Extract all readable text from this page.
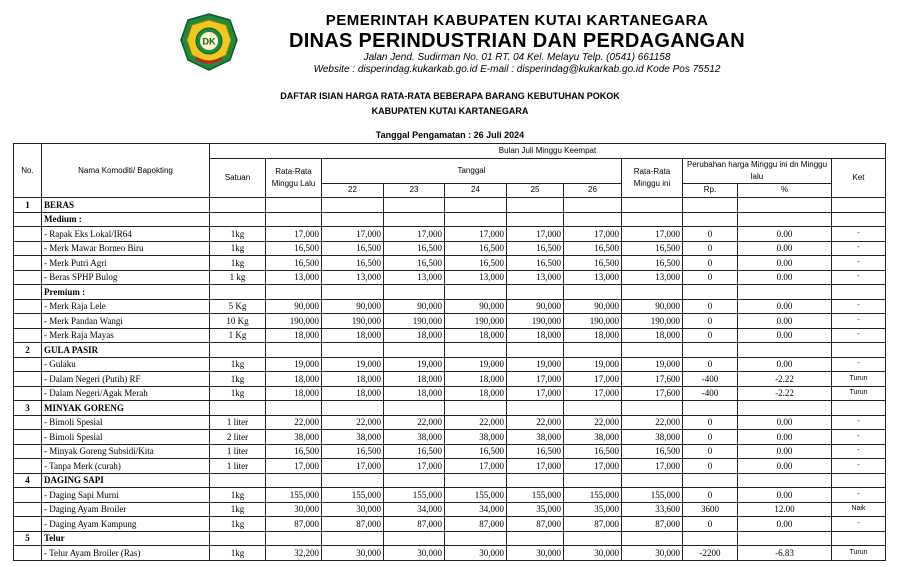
DK
PEMERINTAH KABUPATEN KUTAI KARTANEGARA
DINAS PERINDUSTRIAN DAN PERDAGANGAN
Jalan Jend. Sudirman No. 01 RT. 04 Kel. Melayu Telp. (0541) 661158
Website : disperindag.kukarkab.go.id E-mail : disperindag@kukarkab.go.id Kode Pos 75512
DAFTAR ISIAN HARGA RATA-RATA BEBERAPA BARANG KEBUTUHAN POKOK
KABUPATEN KUTAI KARTANEGARA
Tanggal Pengamatan : 26 Juli 2024
No.	Nama Komoditi/ Bapokting	Bulan Juli Minggu Keempat										
		Satuan	Rata-Rata Minggu Lalu	Tanggal					Rata-Rata Minggu ini	Perubahan harga Minggu ini dn Minggu lalu		Ket
				22	23	24	25	26		Rp.	%	
1	BERAS											
	Medium :											
	- Rapak Eks Lokal/IR64	1kg	17,000	17,000	17,000	17,000	17,000	17,000	17,000	0	0.00	-
	- Merk Mawar Borneo Biru	1kg	16,500	16,500	16,500	16,500	16,500	16,500	16,500	0	0.00	-
	- Merk Putri Agri	1kg	16,500	16,500	16,500	16,500	16,500	16,500	16,500	0	0.00	-
	- Beras SPHP Bulog	1 kg	13,000	13,000	13,000	13,000	13,000	13,000	13,000	0	0.00	-
	Premium :											
	- Merk Raja Lele	5 Kg	90,000	90,000	90,000	90,000	90,000	90,000	90,000	0	0.00	-
	- Merk Pandan Wangi	10 Kg	190,000	190,000	190,000	190,000	190,000	190,000	190,000	0	0.00	-
	- Merk Raja Mayas	1 Kg	18,000	18,000	18,000	18,000	18,000	18,000	18,000	0	0.00	-
2	GULA PASIR											
	- Gulaku	1kg	19,000	19,000	19,000	19,000	19,000	19,000	19,000	0	0.00	-
	- Dalam Negeri (Putih) RF	1kg	18,000	18,000	18,000	18,000	17,000	17,000	17,600	-400	-2.22	Turun
	- Dalam Negeri/Agak Merah	1kg	18,000	18,000	18,000	18,000	17,000	17,000	17,600	-400	-2.22	Turun
3	MINYAK GORENG											
	- Bimoli Spesial	1 liter	22,000	22,000	22,000	22,000	22,000	22,000	22,000	0	0.00	-
	- Bimoli Spesial	2 liter	38,000	38,000	38,000	38,000	38,000	38,000	38,000	0	0.00	-
	- Minyak Goreng Subsidi/Kita	1 liter	16,500	16,500	16,500	16,500	16,500	16,500	16,500	0	0.00	-
	- Tanpa Merk (curah)	1 liter	17,000	17,000	17,000	17,000	17,000	17,000	17,000	0	0.00	-
4	DAGING SAPI											
	- Daging Sapi Murni	1kg	155,000	155,000	155,000	155,000	155,000	155,000	155,000	0	0.00	-
	- Daging Ayam Broiler	1kg	30,000	30,000	34,000	34,000	35,000	35,000	33,600	3600	12.00	Naik
	- Daging Ayam Kampung	1kg	87,000	87,000	87,000	87,000	87,000	87,000	87,000	0	0.00	-
5	Telur											
	- Telur Ayam Broiler (Ras)	1kg	32,200	30,000	30,000	30,000	30,000	30,000	30,000	-2200	-6.83	Turun
